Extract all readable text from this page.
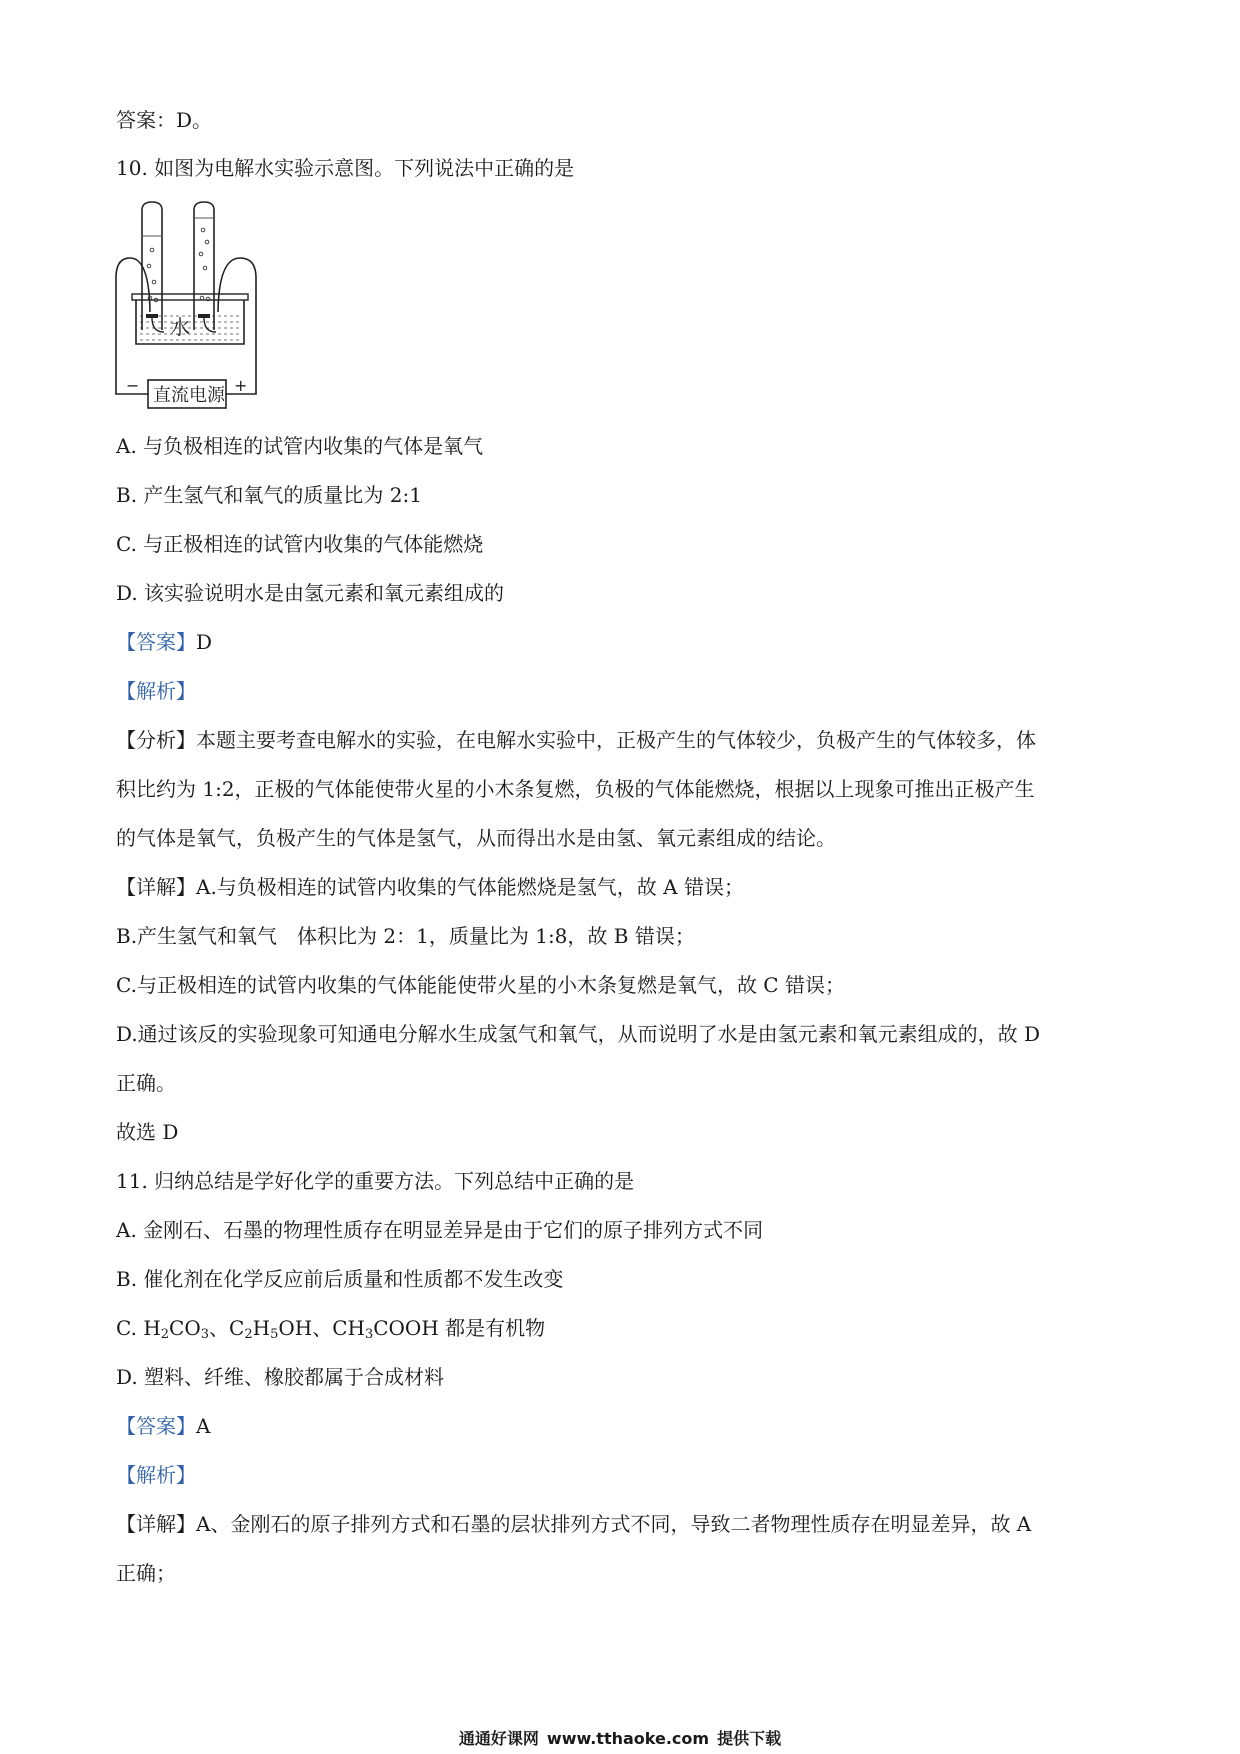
答案：D。
10. 如图为电解水实验示意图。下列说法中正确的是
水
直流电源
−	+
A. 与负极相连的试管内收集的气体是氧气
B. 产生氢气和氧气的质量比为 2:1
C. 与正极相连的试管内收集的气体能燃烧
D. 该实验说明水是由氢元素和氧元素组成的
【答案】D
【解析】
【分析】本题主要考查电解水的实验，在电解水实验中，正极产生的气体较少，负极产生的气体较多，体
积比约为 1:2，正极的气体能使带火星的小木条复燃，负极的气体能燃烧，根据以上现象可推出正极产生
的气体是氧气，负极产生的气体是氢气，从而得出水是由氢、氧元素组成的结论。
【详解】A.与负极相连的试管内收集的气体能燃烧是氢气，故 A 错误；
B.产生氢气和氧气　体积比为 2：1，质量比为 1:8，故 B 错误；
C.与正极相连的试管内收集的气体能能使带火星的小木条复燃是氧气，故 C 错误；
D.通过该反的实验现象可知通电分解水生成氢气和氧气，从而说明了水是由氢元素和氧元素组成的，故 D
正确。
故选 D
11. 归纳总结是学好化学的重要方法。下列总结中正确的是
A. 金刚石、石墨的物理性质存在明显差异是由于它们的原子排列方式不同
B. 催化剂在化学反应前后质量和性质都不发生改变
C. $H_2CO_3$、$C_2H_5OH$、$CH_3COOH$ 都是有机物
D. 塑料、纤维、橡胶都属于合成材料
【答案】A
【解析】
【详解】A、金刚石的原子排列方式和石墨的层状排列方式不同，导致二者物理性质存在明显差异，故 A
正确；
通通好课网 www.tthaoke.com 提供下载
